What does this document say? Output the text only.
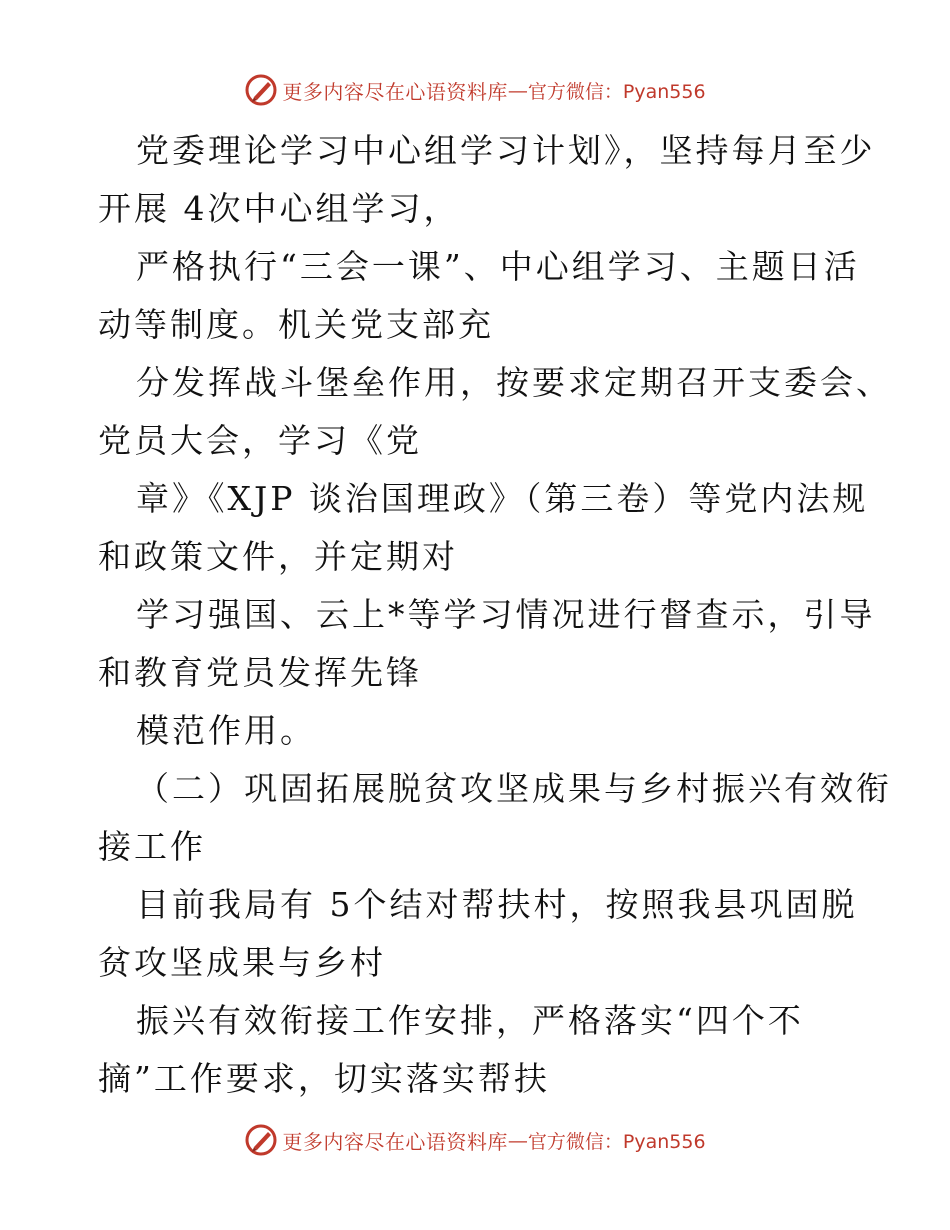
更多内容尽在心语资料库 — 官方微信：Pyan556

党委理论学习中心组学习计划》，坚持每月至少

开展 4次中心组学习，

严格执行“三会一课”、中心组学习、主题日活

动等制度。机关党支部充

分发挥战斗堡垒作用，按要求定期召开支委会、

党员大会，学习《党

章》《XJP 谈治国理政》（第三卷）等党内法规

和政策文件，并定期对

学习强国、云上*等学习情况进行督查示，引导

和教育党员发挥先锋

模范作用。

（二）巩固拓展脱贫攻坚成果与乡村振兴有效衔

接工作

目前我局有 5个结对帮扶村，按照我县巩固脱

贫攻坚成果与乡村

振兴有效衔接工作安排，严格落实“四个不

摘”工作要求，切实落实帮扶

更多内容尽在心语资料库 — 官方微信：Pyan556
